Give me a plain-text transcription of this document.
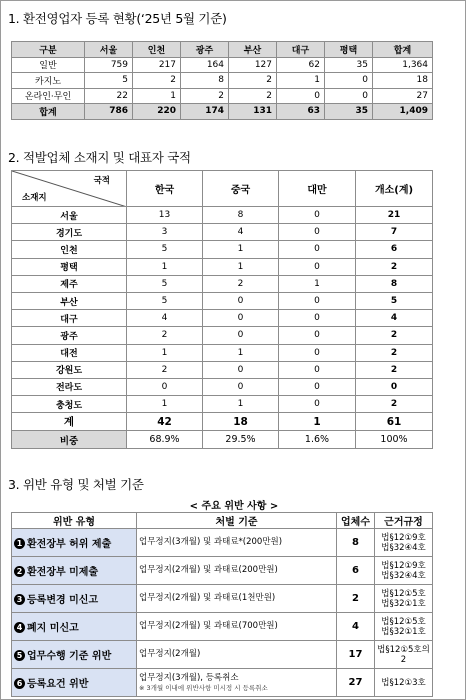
1. 환전영업자 등록 현황(‘25년 5월 기준)
구분	서울	인천	광주	부산	대구	평택	합계
일반	759	217	164	127	62	35	1,364
카지노	5	2	8	2	1	0	18
온라인·무인	22	1	2	2	0	0	27
합계	786	220	174	131	63	35	1,409
2. 적발업체 소재지 및 대표자 국적
국적
소재지	한국	중국	대만	개소(계)
서울	13	8	0	21
경기도	3	4	0	7
인천	5	1	0	6
평택	1	1	0	2
제주	5	2	1	8
부산	5	0	0	5
대구	4	0	0	4
광주	2	0	0	2
대전	1	1	0	2
강원도	2	0	0	2
전라도	0	0	0	0
충청도	1	1	0	2
계	42	18	1	61
비중	68.9%	29.5%	1.6%	100%
3. 위반 유형 및 처벌 기준
< 주요 위반 사항 >
위반 유형	처벌 기준	업체수	근거규정
1 환전장부 허위 제출	업무정지(3개월) 및 과태료*(200만원)	8	법§12①9호
법§32④4호

2 환전장부 미제출	업무정지(2개월) 및 과태료(200만원)	6	법§12①9호
법§32④4호

3 등록변경 미신고	업무정지(2개월) 및 과태료(1천만원)	2	법§12①5호
법§32①1호

4 폐지 미신고	업무정지(2개월) 및 과태료(700만원)	4	법§12①5호
법§32①1호

5 업무수행 기준 위반	업무정지(2개월)	17	법§12①5호의
2

6 등록요건 위반	업무정지(3개월), 등록취소
※ 3개월 이내에 위반사항 미시정 시 등록취소	27	법§12①3호
